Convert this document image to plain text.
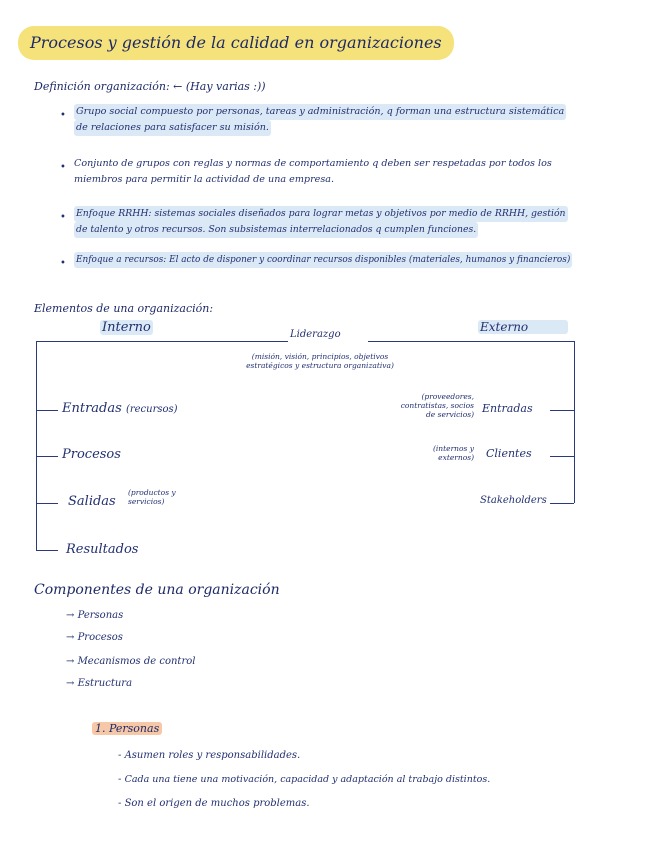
Procesos y gestión de la calidad en organizaciones
Definición organización: ← (Hay varias :))
• Grupo social compuesto por personas, tareas y administración, q forman una estructura sistemática
de relaciones para satisfacer su misión.
• Conjunto de grupos con reglas y normas de comportamiento q deben ser respetadas por todos los
miembros para permitir la actividad de una empresa.
• Enfoque RRHH: sistemas sociales diseñados para lograr metas y objetivos por medio de RRHH, gestión
de talento y otros recursos. Son subsistemas interrelacionados q cumplen funciones.
• Enfoque a recursos: El acto de disponer y coordinar recursos disponibles (materiales, humanos y financieros)
Elementos de una organización:
Interno	Liderazgo
Externo
(misión, visión, principios, objetivos estratégicos y estructura organizativa)
Entradas (recursos)
Procesos
Salidas
(productos y servicios)
Resultados
(proveedores, contratistas, socios de servicios) Entradas
(internos y externos) Clientes
Stakeholders
Componentes de una organización
→ Personas
→ Procesos
→ Mecanismos de control
→ Estructura
1. Personas
- Asumen roles y responsabilidades.
- Cada una tiene una motivación, capacidad y adaptación al trabajo distintos.
- Son el origen de muchos problemas.
